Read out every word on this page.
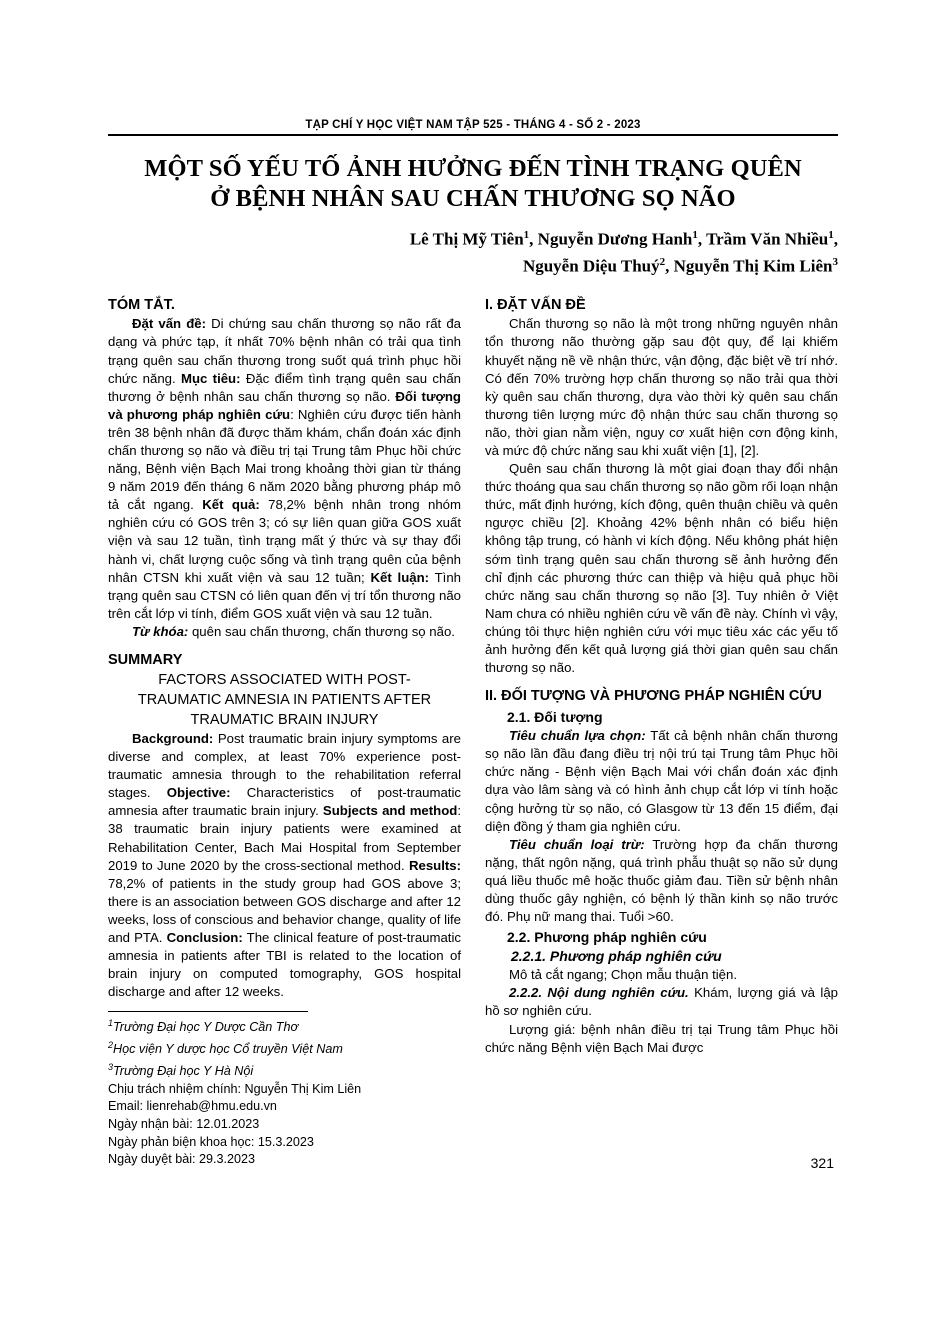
TẠP CHÍ Y HỌC VIỆT NAM TẬP 525 - THÁNG 4 - SỐ 2 - 2023
MỘT SỐ YẾU TỐ ẢNH HƯỞNG ĐẾN TÌNH TRẠNG QUÊN
Ở BỆNH NHÂN SAU CHẤN THƯƠNG SỌ NÃO
Lê Thị Mỹ Tiên$^1$, Nguyễn Dương Hanh$^1$, Trầm Văn Nhiều$^1$,
Nguyễn Diệu Thuý$^2$, Nguyễn Thị Kim Liên$^3$
TÓM TẮT.

Đặt vấn đề: Di chứng sau chấn thương sọ não rất đa dạng và phức tạp, ít nhất 70% bệnh nhân có trải qua tình trạng quên sau chấn thương trong suốt quá trình phục hồi chức năng. Mục tiêu: Đặc điểm tình trạng quên sau chấn thương ở bệnh nhân sau chấn thương sọ não. Đối tượng và phương pháp nghiên cứu: Nghiên cứu được tiến hành trên 38 bệnh nhân đã được thăm khám, chẩn đoán xác định chấn thương sọ não và điều trị tại Trung tâm Phục hồi chức năng, Bệnh viện Bạch Mai trong khoảng thời gian từ tháng 9 năm 2019 đến tháng 6 năm 2020 bằng phương pháp mô tả cắt ngang. Kết quả: 78,2% bệnh nhân trong nhóm nghiên cứu có GOS trên 3; có sự liên quan giữa GOS xuất viện và sau 12 tuần, tình trạng mất ý thức và sự thay đổi hành vi, chất lượng cuộc sống và tình trạng quên của bệnh nhân CTSN khi xuất viện và sau 12 tuần; Kết luận: Tình trạng quên sau CTSN có liên quan đến vị trí tổn thương não trên cắt lớp vi tính, điểm GOS xuất viện và sau 12 tuần.

Từ khóa: quên sau chấn thương, chấn thương sọ não.

SUMMARY
FACTORS ASSOCIATED WITH POST-
TRAUMATIC AMNESIA IN PATIENTS AFTER
TRAUMATIC BRAIN INJURY

Background: Post traumatic brain injury symptoms are diverse and complex, at least 70% experience post-traumatic amnesia through to the rehabilitation referral stages. Objective: Characteristics of post-traumatic amnesia after traumatic brain injury. Subjects and method: 38 traumatic brain injury patients were examined at Rehabilitation Center, Bach Mai Hospital from September 2019 to June 2020 by the cross-sectional method. Results: 78,2% of patients in the study group had GOS above 3; there is an association between GOS discharge and after 12 weeks, loss of conscious and behavior change, quality of life and PTA. Conclusion: The clinical feature of post-traumatic amnesia in patients after TBI is related to the location of brain injury on computed tomography, GOS hospital discharge and after 12 weeks.

$^1$Trường Đại học Y Dược Cần Thơ
$^2$Học viện Y dược học Cổ truyền Việt Nam
$^3$Trường Đại học Y Hà Nội
Chịu trách nhiệm chính: Nguyễn Thị Kim Liên
Email: lienrehab@hmu.edu.vn
Ngày nhận bài: 12.01.2023
Ngày phản biện khoa học: 15.3.2023
Ngày duyệt bài: 29.3.2023
I. ĐẶT VẤN ĐỀ

Chấn thương sọ não là một trong những nguyên nhân tổn thương não thường gặp sau đột quy, để lại khiếm khuyết nặng nề về nhận thức, vận động, đặc biệt về trí nhớ. Có đến 70% trường hợp chấn thương sọ não trải qua thời kỳ quên sau chấn thương, dựa vào thời kỳ quên sau chấn thương tiên lượng mức độ nhận thức sau chấn thương sọ não, thời gian nằm viện, nguy cơ xuất hiện cơn động kinh, và mức độ chức năng sau khi xuất viện [1], [2].

Quên sau chấn thương là một giai đoạn thay đổi nhận thức thoáng qua sau chấn thương sọ não gồm rối loạn nhận thức, mất định hướng, kích động, quên thuận chiều và quên ngược chiều [2]. Khoảng 42% bệnh nhân có biểu hiện không tập trung, có hành vi kích động. Nếu không phát hiện sớm tình trạng quên sau chấn thương sẽ ảnh hưởng đến chỉ định các phương thức can thiệp và hiệu quả phục hồi chức năng sau chấn thương sọ não [3]. Tuy nhiên ở Việt Nam chưa có nhiều nghiên cứu về vấn đề này. Chính vì vậy, chúng tôi thực hiện nghiên cứu với mục tiêu xác các yếu tố ảnh hưởng đến kết quả lượng giá thời gian quên sau chấn thương sọ não.

II. ĐỐI TƯỢNG VÀ PHƯƠNG PHÁP NGHIÊN CỨU
2.1. Đối tượng

Tiêu chuẩn lựa chọn: Tất cả bệnh nhân chấn thương sọ não lần đầu đang điều trị nội trú tại Trung tâm Phục hồi chức năng - Bệnh viện Bạch Mai với chẩn đoán xác định dựa vào lâm sàng và có hình ảnh chụp cắt lớp vi tính hoặc cộng hưởng từ sọ não, có Glasgow từ 13 đến 15 điểm, đại diện đồng ý tham gia nghiên cứu.

Tiêu chuẩn loại trừ: Trường hợp đa chấn thương nặng, thất ngôn nặng, quá trình phẫu thuật sọ não sử dụng quá liều thuốc mê hoặc thuốc giảm đau. Tiền sử bệnh nhân dùng thuốc gây nghiện, có bệnh lý thần kinh sọ não trước đó. Phụ nữ mang thai. Tuổi >60.

2.2. Phương pháp nghiên cứu
2.2.1. Phương pháp nghiên cứu

Mô tả cắt ngang; Chọn mẫu thuận tiện.

2.2.2. Nội dung nghiên cứu. Khám, lượng giá và lập hồ sơ nghiên cứu.

Lượng giá: bệnh nhân điều trị tại Trung tâm Phục hồi chức năng Bệnh viện Bạch Mai được

321
